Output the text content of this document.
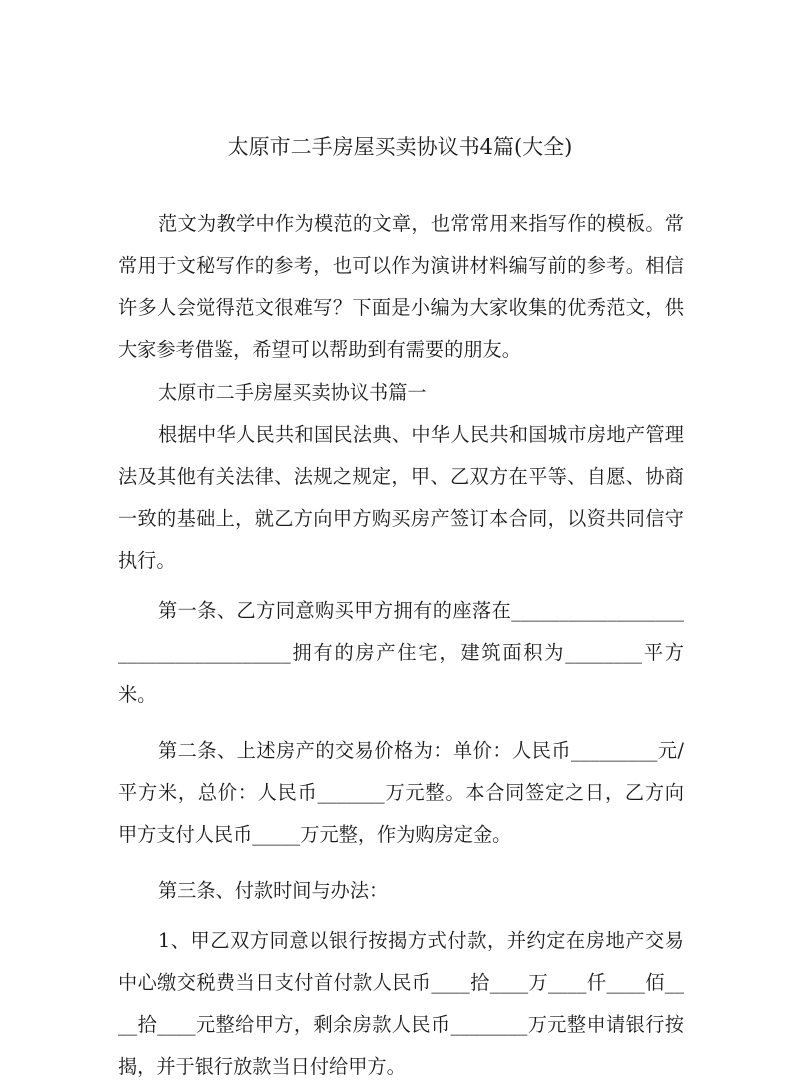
太原市二手房屋买卖协议书4篇(大全)

范文为教学中作为模范的文章，也常常用来指写作的模板。常常用于文秘写作的参考，也可以作为演讲材料编写前的参考。相信许多人会觉得范文很难写？下面是小编为大家收集的优秀范文，供大家参考借鉴，希望可以帮助到有需要的朋友。

太原市二手房屋买卖协议书篇一

根据中华人民共和国民法典、中华人民共和国城市房地产管理法及其他有关法律、法规之规定，甲、乙双方在平等、自愿、协商一致的基础上，就乙方向甲方购买房产签订本合同，以资共同信守执行。

第一条、乙方同意购买甲方拥有的座落在____________________________________拥有的房产住宅，建筑面积为________平方米。

第二条、上述房产的交易价格为：单价：人民币_________元/平方米，总价：人民币_______万元整。本合同签定之日，乙方向甲方支付人民币_____万元整，作为购房定金。

第三条、付款时间与办法：

1、甲乙双方同意以银行按揭方式付款，并约定在房地产交易中心缴交税费当日支付首付款人民币____拾____万____仟____佰____拾____元整给甲方，剩余房款人民币________万元整申请银行按揭，并于银行放款当日付给甲方。
